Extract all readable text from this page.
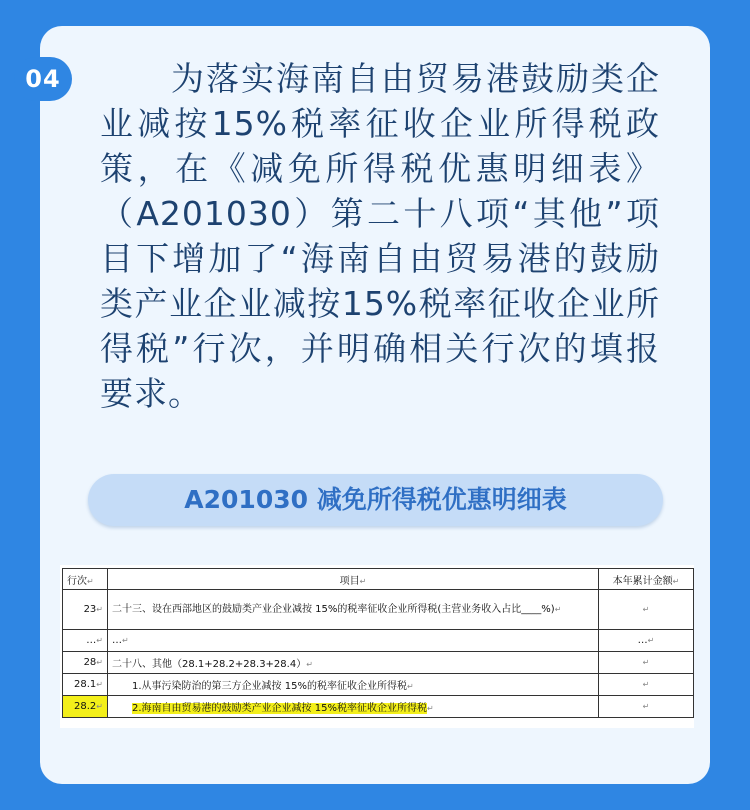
04	为落实海南自由贸易港鼓励类企业减按15%税率征收企业所得税政策，在《减免所得税优惠明细表》（A201030）第二十八项“其他”项目下增加了“海南自由贸易港的鼓励类产业企业减按15%税率征收企业所得税”行次，并明确相关行次的填报要求。

A201030 减免所得税优惠明细表
行次↵	项目↵	本年累计金额↵
23↵	二十三、设在西部地区的鼓励类产业企业减按 15%的税率征收企业所得税(主营业务收入占比____%)↵	↵
…↵	…↵	…↵
28↵	二十八、其他（28.1+28.2+28.3+28.4）↵	↵
28.1↵	1.从事污染防治的第三方企业减按 15%的税率征收企业所得税↵	↵
28.2↵	2.海南自由贸易港的鼓励类产业企业减按 15%税率征收企业所得税↵	↵
